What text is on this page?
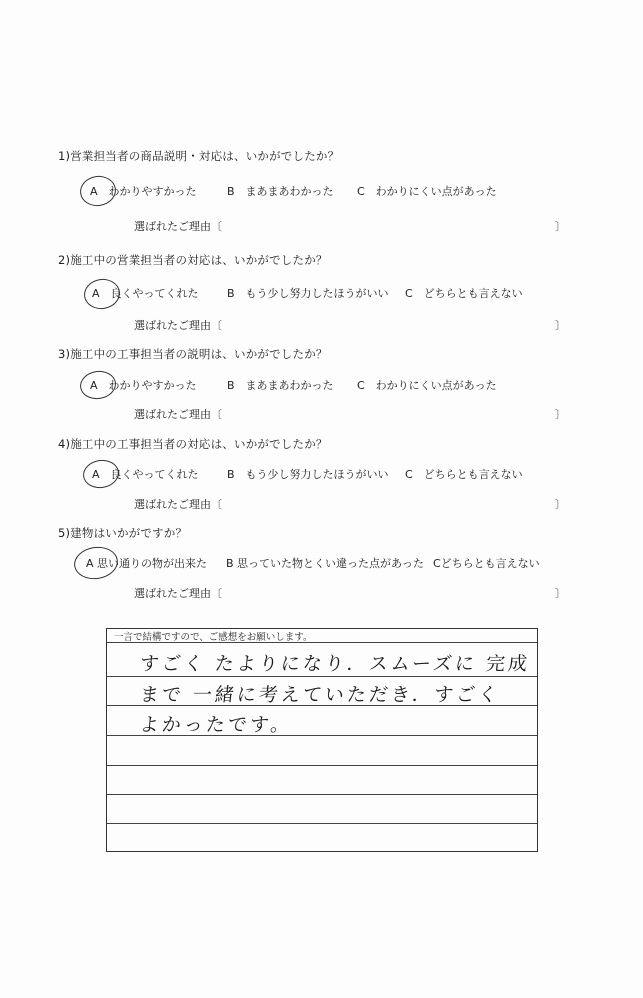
1)営業担当者の商品説明・対応は、いかがでしたか？
A　わかりやすかった	B　まあまあわかった C　わかりにくい点があった
選ばれたご理由〔	〕
2)施工中の営業担当者の対応は、いかがでしたか？
A　良くやってくれた	B　もう少し努力したほうがいい C　どちらとも言えない
選ばれたご理由〔	〕
3)施工中の工事担当者の説明は、いかがでしたか？
A　わかりやすかった	B　まあまあわかった C　わかりにくい点があった
選ばれたご理由〔	〕
4)施工中の工事担当者の対応は、いかがでしたか？
A　良くやってくれた	B　もう少し努力したほうがいい C　どちらとも言えない
選ばれたご理由〔	〕
5)建物はいかがですか？
A 思い通りの物が出来た B 思っていた物とくい違った点があった Cどちらとも言えない
選ばれたご理由〔	〕
一言で結構ですので、ご感想をお願いします。
すごく たよりになり．スムーズに 完成
まで 一緒に考えていただき．すごく
よかったです。
